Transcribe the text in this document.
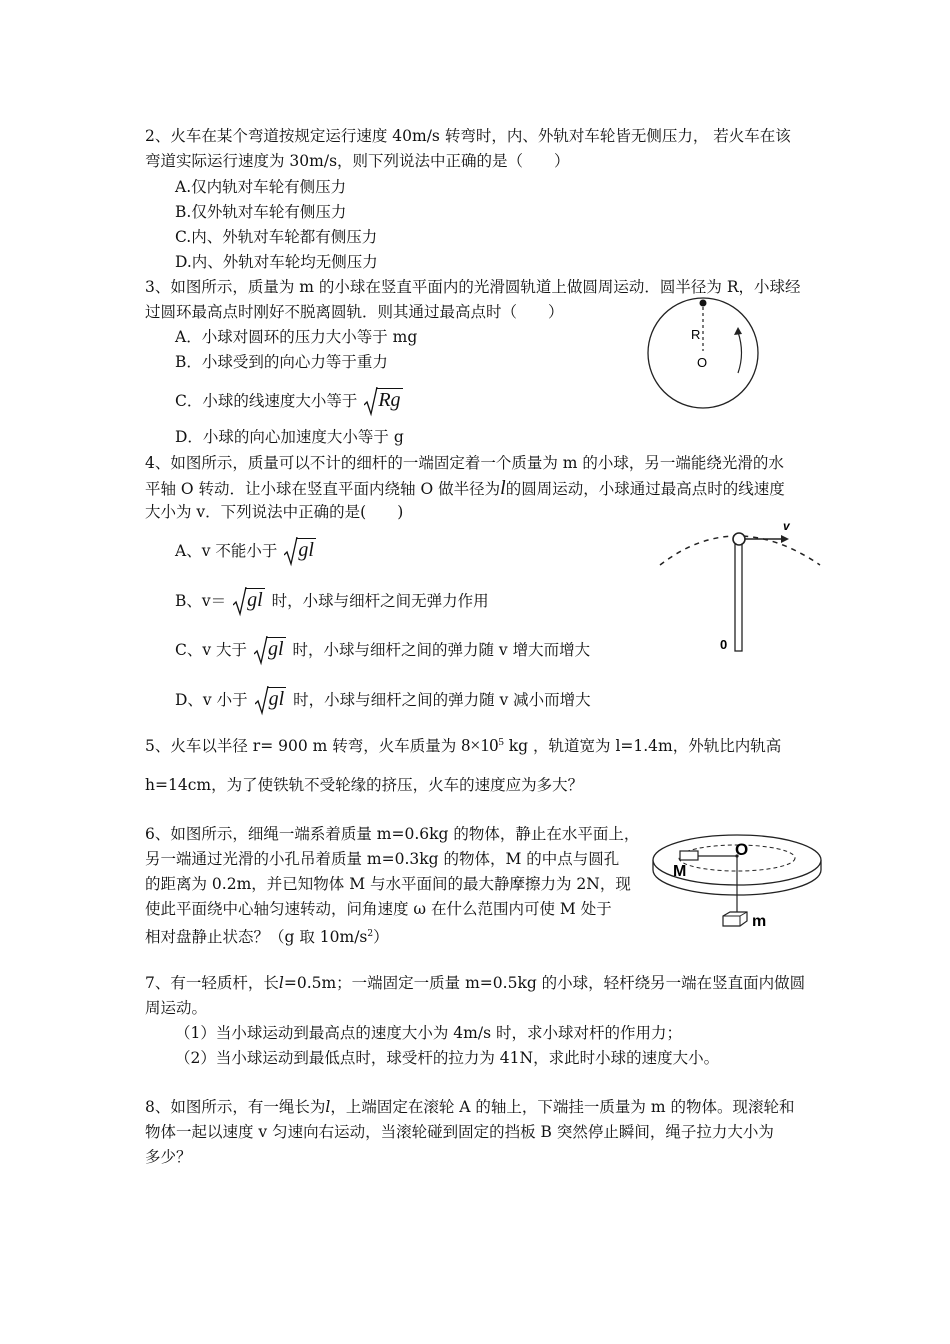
2、火车在某个弯道按规定运行速度 40m/s 转弯时，内、外轨对车轮皆无侧压力， 若火车在该
弯道实际运行速度为 30m/s，则下列说法中正确的是（　　）
A.仅内轨对车轮有侧压力
B.仅外轨对车轮有侧压力
C.内、外轨对车轮都有侧压力
D.内、外轨对车轮均无侧压力
3、如图所示，质量为 m 的小球在竖直平面内的光滑圆轨道上做圆周运动．圆半径为 R，小球经
过圆环最高点时刚好不脱离圆轨．则其通过最高点时（　　）
A．小球对圆环的压力大小等于 mg
B．小球受到的向心力等于重力
C．小球的线速度大小等于 Rg
D．小球的向心加速度大小等于 g
R
O
4、如图所示，质量可以不计的细杆的一端固定着一个质量为 m 的小球，另一端能绕光滑的水
平轴 O 转动．让小球在竖直平面内绕轴 O 做半径为l的圆周运动，小球通过最高点时的线速度
大小为 v．下列说法中正确的是(　　)
A、v 不能小于 gl
B、v＝ gl 时，小球与细杆之间无弹力作用
C、v 大于 gl 时，小球与细杆之间的弹力随 v 增大而增大
D、v 小于 gl 时，小球与细杆之间的弹力随 v 减小而增大
v
0
5、火车以半径 r= 900 m 转弯，火车质量为 $8\times 10^5$ kg ，轨道宽为 l=1.4m，外轨比内轨高
h=14cm，为了使铁轨不受轮缘的挤压，火车的速度应为多大？
6、如图所示，细绳一端系着质量 m=0.6kg 的物体，静止在水平面上，
另一端通过光滑的小孔吊着质量 m=0.3kg 的物体，M 的中点与圆孔
的距离为 0.2m，并已知物体 M 与水平面间的最大静摩擦力为 2N，现
使此平面绕中心轴匀速转动，问角速度 ω 在什么范围内可使 M 处于
相对盘静止状态？（g 取 $10m/s^2$）
O
M
m
7、有一轻质杆，长l=0.5m；一端固定一质量 m=0.5kg 的小球，轻杆绕另一端在竖直面内做圆
周运动。
（1）当小球运动到最高点的速度大小为 4m/s 时，求小球对杆的作用力；
（2）当小球运动到最低点时，球受杆的拉力为 41N，求此时小球的速度大小。
8、如图所示，有一绳长为l，上端固定在滚轮 A 的轴上，下端挂一质量为 m 的物体。现滚轮和
物体一起以速度 v 匀速向右运动，当滚轮碰到固定的挡板 B 突然停止瞬间，绳子拉力大小为
多少？
